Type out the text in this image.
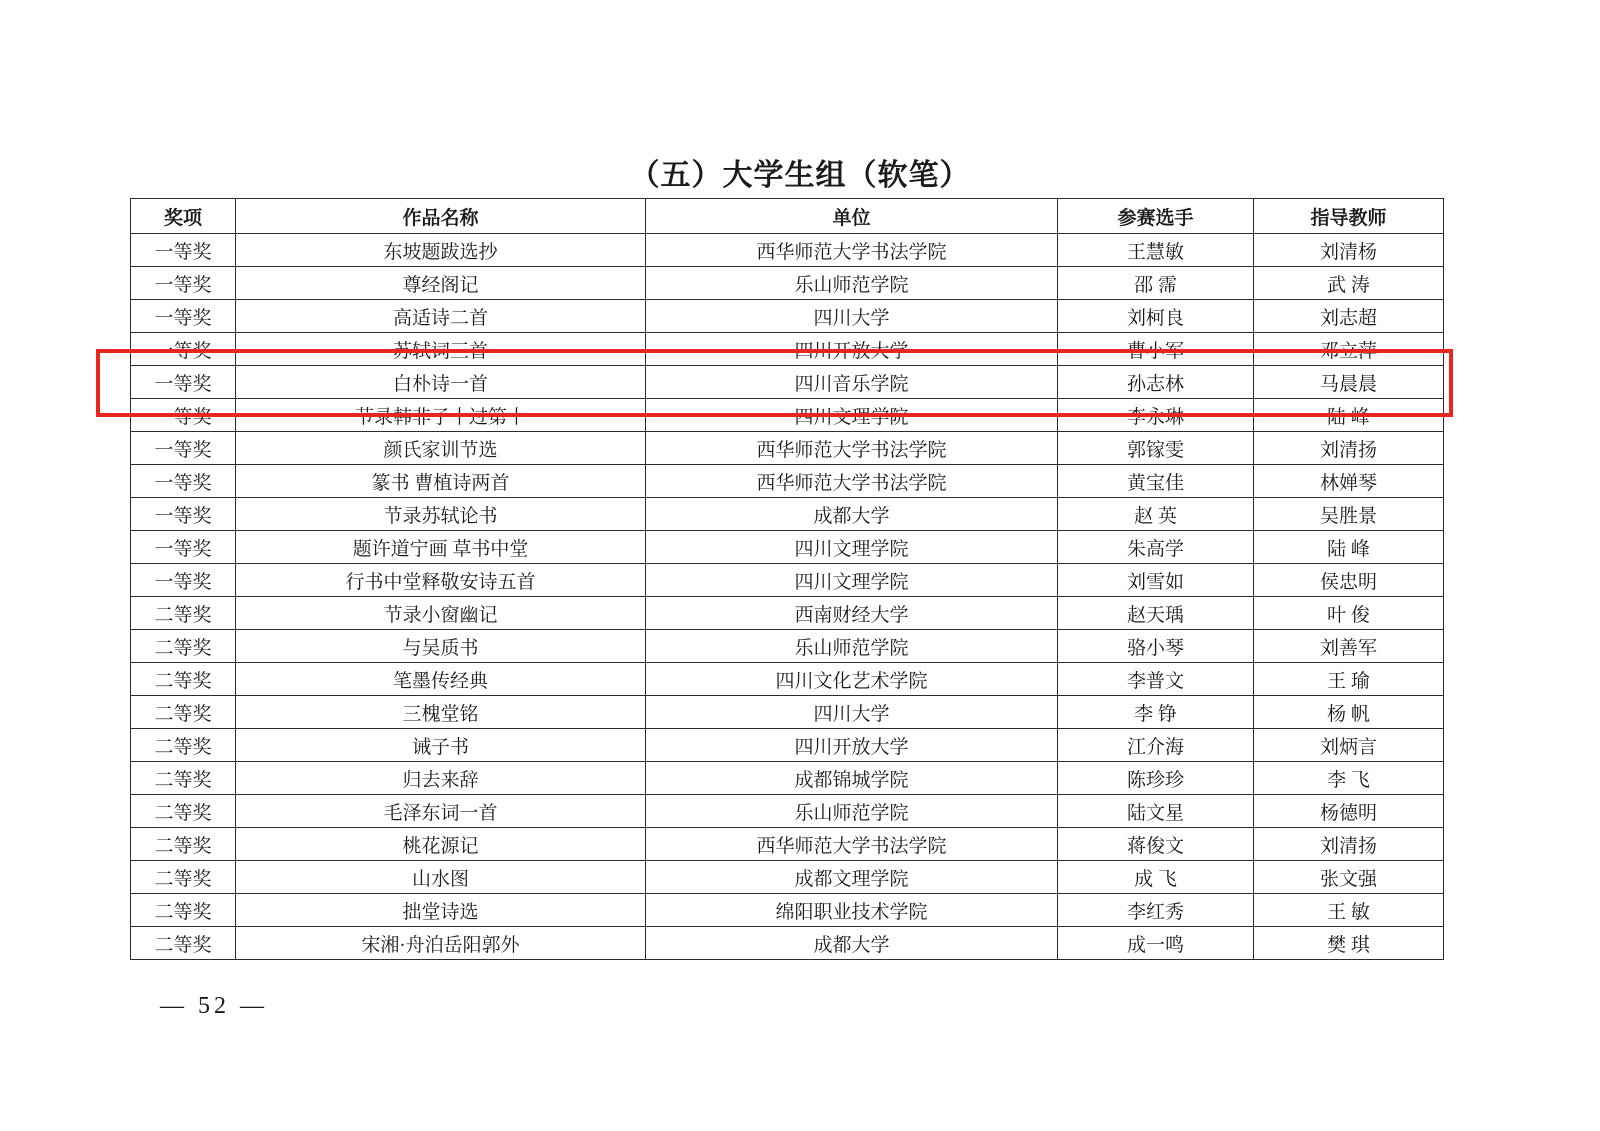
（五）大学生组（软笔）
奖项	作品名称	单位	参赛选手	指导教师
一等奖	东坡题跋选抄	西华师范大学书法学院	王慧敏	刘清杨
一等奖	尊经阁记	乐山师范学院	邵 霈	武 涛
一等奖	高适诗二首	四川大学	刘柯良	刘志超
一等奖	苏轼词三首	四川开放大学	曹小军	邓立萍
一等奖	白朴诗一首	四川音乐学院	孙志林	马晨晨
一等奖	节录韩非子十过第十	四川文理学院	李永琳	陆 峰
一等奖	颜氏家训节选	西华师范大学书法学院	郭镓雯	刘清扬
一等奖	篆书 曹植诗两首	西华师范大学书法学院	黄宝佳	林婵琴
一等奖	节录苏轼论书	成都大学	赵 英	吴胜景
一等奖	题许道宁画 草书中堂	四川文理学院	朱高学	陆 峰
一等奖	行书中堂释敬安诗五首	四川文理学院	刘雪如	侯忠明
二等奖	节录小窗幽记	西南财经大学	赵天瑀	叶 俊
二等奖	与吴质书	乐山师范学院	骆小琴	刘善军
二等奖	笔墨传经典	四川文化艺术学院	李普文	王 瑜
二等奖	三槐堂铭	四川大学	李 铮	杨 帆
二等奖	诫子书	四川开放大学	江介海	刘炳言
二等奖	归去来辞	成都锦城学院	陈珍珍	李 飞
二等奖	毛泽东词一首	乐山师范学院	陆文星	杨德明
二等奖	桃花源记	西华师范大学书法学院	蒋俊文	刘清扬
二等奖	山水图	成都文理学院	成 飞	张文强
二等奖	拙堂诗选	绵阳职业技术学院	李红秀	王 敏
二等奖	宋湘·舟泊岳阳郭外	成都大学	成一鸣	樊 琪
— 52 —
